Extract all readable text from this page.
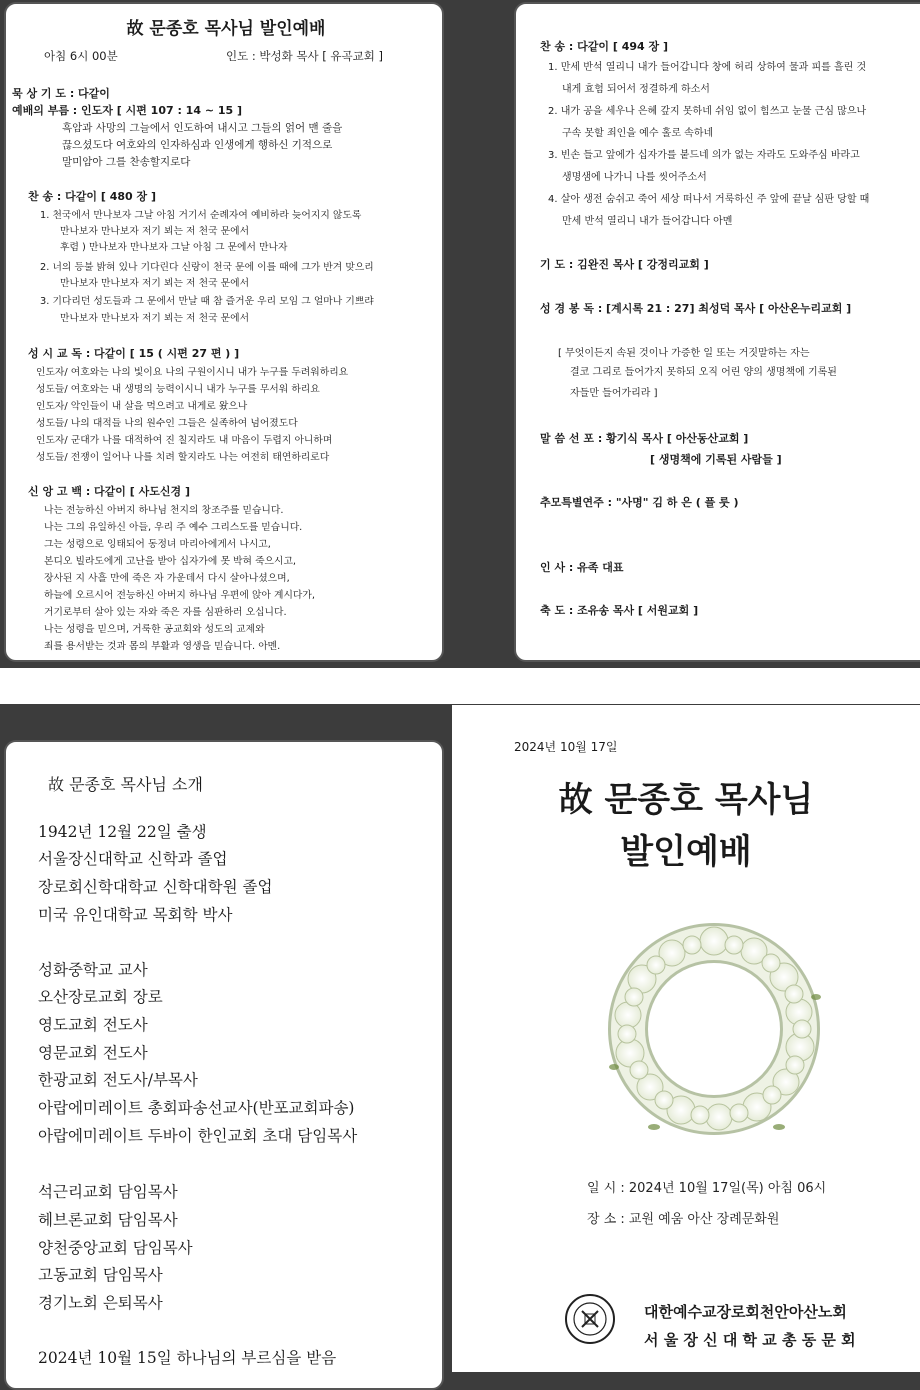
故 문종호 목사님 발인예배
아침 6시 00분	인도 : 박성화 목사 [ 유곡교회 ]
묵 상 기 도 : 다같이
예배의 부름 : 인도자 [ 시편 107 : 14 ~ 15 ]
흑암과 사망의 그늘에서 인도하여 내시고 그들의 얽어 맨 줄을
끊으셨도다 여호와의 인자하심과 인생에게 행하신 기적으로
말미암아 그를 찬송할지로다
찬 송 : 다같이 [ 480 장 ]
1. 천국에서 만나보자 그날 아침 거기서 순례자여 예비하라 늦어지지 않도록
만나보자 만나보자 저기 뵈는 저 천국 문에서
후렴 ) 만나보자 만나보자 그날 아침 그 문에서 만나자
2. 너의 등불 밝혀 있나 기다린다 신랑이 천국 문에 이를 때에 그가 반겨 맞으리
만나보자 만나보자 저기 뵈는 저 천국 문에서
3. 기다리던 성도들과 그 문에서 만날 때 참 즐거운 우리 모임 그 얼마나 기쁘랴
만나보자 만나보자 저기 뵈는 저 천국 문에서
성 시 교 독 : 다같이 [ 15 ( 시편 27 편 ) ]
인도자/ 여호와는 나의 빛이요 나의 구원이시니 내가 누구를 두려워하리요
성도들/ 여호와는 내 생명의 능력이시니 내가 누구를 무서워 하리요
인도자/ 악인들이 내 살을 먹으려고 내게로 왔으나
성도들/ 나의 대적들 나의 원수인 그들은 실족하여 넘어졌도다
인도자/ 군대가 나를 대적하여 진 칠지라도 내 마음이 두렵지 아니하며
성도들/ 전쟁이 일어나 나를 치려 할지라도 나는 여전히 태연하리로다
신 앙 고 백 : 다같이 [ 사도신경 ]
나는 전능하신 아버지 하나님 천지의 창조주를 믿습니다.
나는 그의 유일하신 아들, 우리 주 예수 그리스도를 믿습니다.
그는 성령으로 잉태되어 동정녀 마리아에게서 나시고,
본디오 빌라도에게 고난을 받아 십자가에 못 박혀 죽으시고,
장사된 지 사흘 만에 죽은 자 가운데서 다시 살아나셨으며,
하늘에 오르시어 전능하신 아버지 하나님 우편에 앉아 계시다가,
거기로부터 살아 있는 자와 죽은 자를 심판하러 오십니다.
나는 성령을 믿으며, 거룩한 공교회와 성도의 교제와
죄를 용서받는 것과 몸의 부활과 영생을 믿습니다. 아멘.
찬 송 : 다같이 [ 494 장 ]
1. 만세 반석 열리니 내가 들어갑니다 창에 허리 상하여 물과 피를 흘린 것
내게 효험 되어서 정결하게 하소서
2. 내가 공을 세우나 은혜 갚지 못하네 쉬임 없이 힘쓰고 눈물 근심 많으나
구속 못할 죄인을 예수 홀로 속하네
3. 빈손 들고 앞에가 십자가를 붙드네 의가 없는 자라도 도와주심 바라고
생명샘에 나가니 나를 씻어주소서
4. 살아 생전 숨쉬고 죽어 세상 떠나서 거룩하신 주 앞에 끝날 심판 당할 때
만세 반석 열리니 내가 들어갑니다 아멘
기 도 : 김완진 목사 [ 강정리교회 ]
성 경 봉 독 : [계시록 21 : 27] 최성덕 목사 [ 아산온누리교회 ]
[ 무엇이든지 속된 것이나 가증한 일 또는 거짓말하는 자는
결코 그리로 들어가지 못하되 오직 어린 양의 생명책에 기록된
자들만 들어가리라 ]
말 씀 선 포 : 황기식 목사 [ 아산동산교회 ]
[ 생명책에 기록된 사람들 ]
추모특별연주 : "사명" 김 하 은 ( 플 룻 )
인 사 : 유족 대표
축 도 : 조유송 목사 [ 서원교회 ]
故 문종호 목사님 소개
1942년 12월 22일 출생
서울장신대학교 신학과 졸업
장로회신학대학교 신학대학원 졸업
미국 유인대학교 목회학 박사
성화중학교 교사
오산장로교회 장로
영도교회 전도사
영문교회 전도사
한광교회 전도사/부목사
아랍에미레이트 총회파송선교사(반포교회파송)
아랍에미레이트 두바이 한인교회 초대 담임목사
석근리교회 담임목사
헤브론교회 담임목사
양천중앙교회 담임목사
고동교회 담임목사
경기노회 은퇴목사
2024년 10월 15일 하나님의 부르심을 받음
2024년 10월 17일
故 문종호 목사님
발인예배
일 시 : 2024년 10월 17일(목) 아침 06시
장 소 : 교원 예움 아산 장례문화원
대한예수교장로회천안아산노회
서 울 장 신 대 학 교 총 동 문 회
